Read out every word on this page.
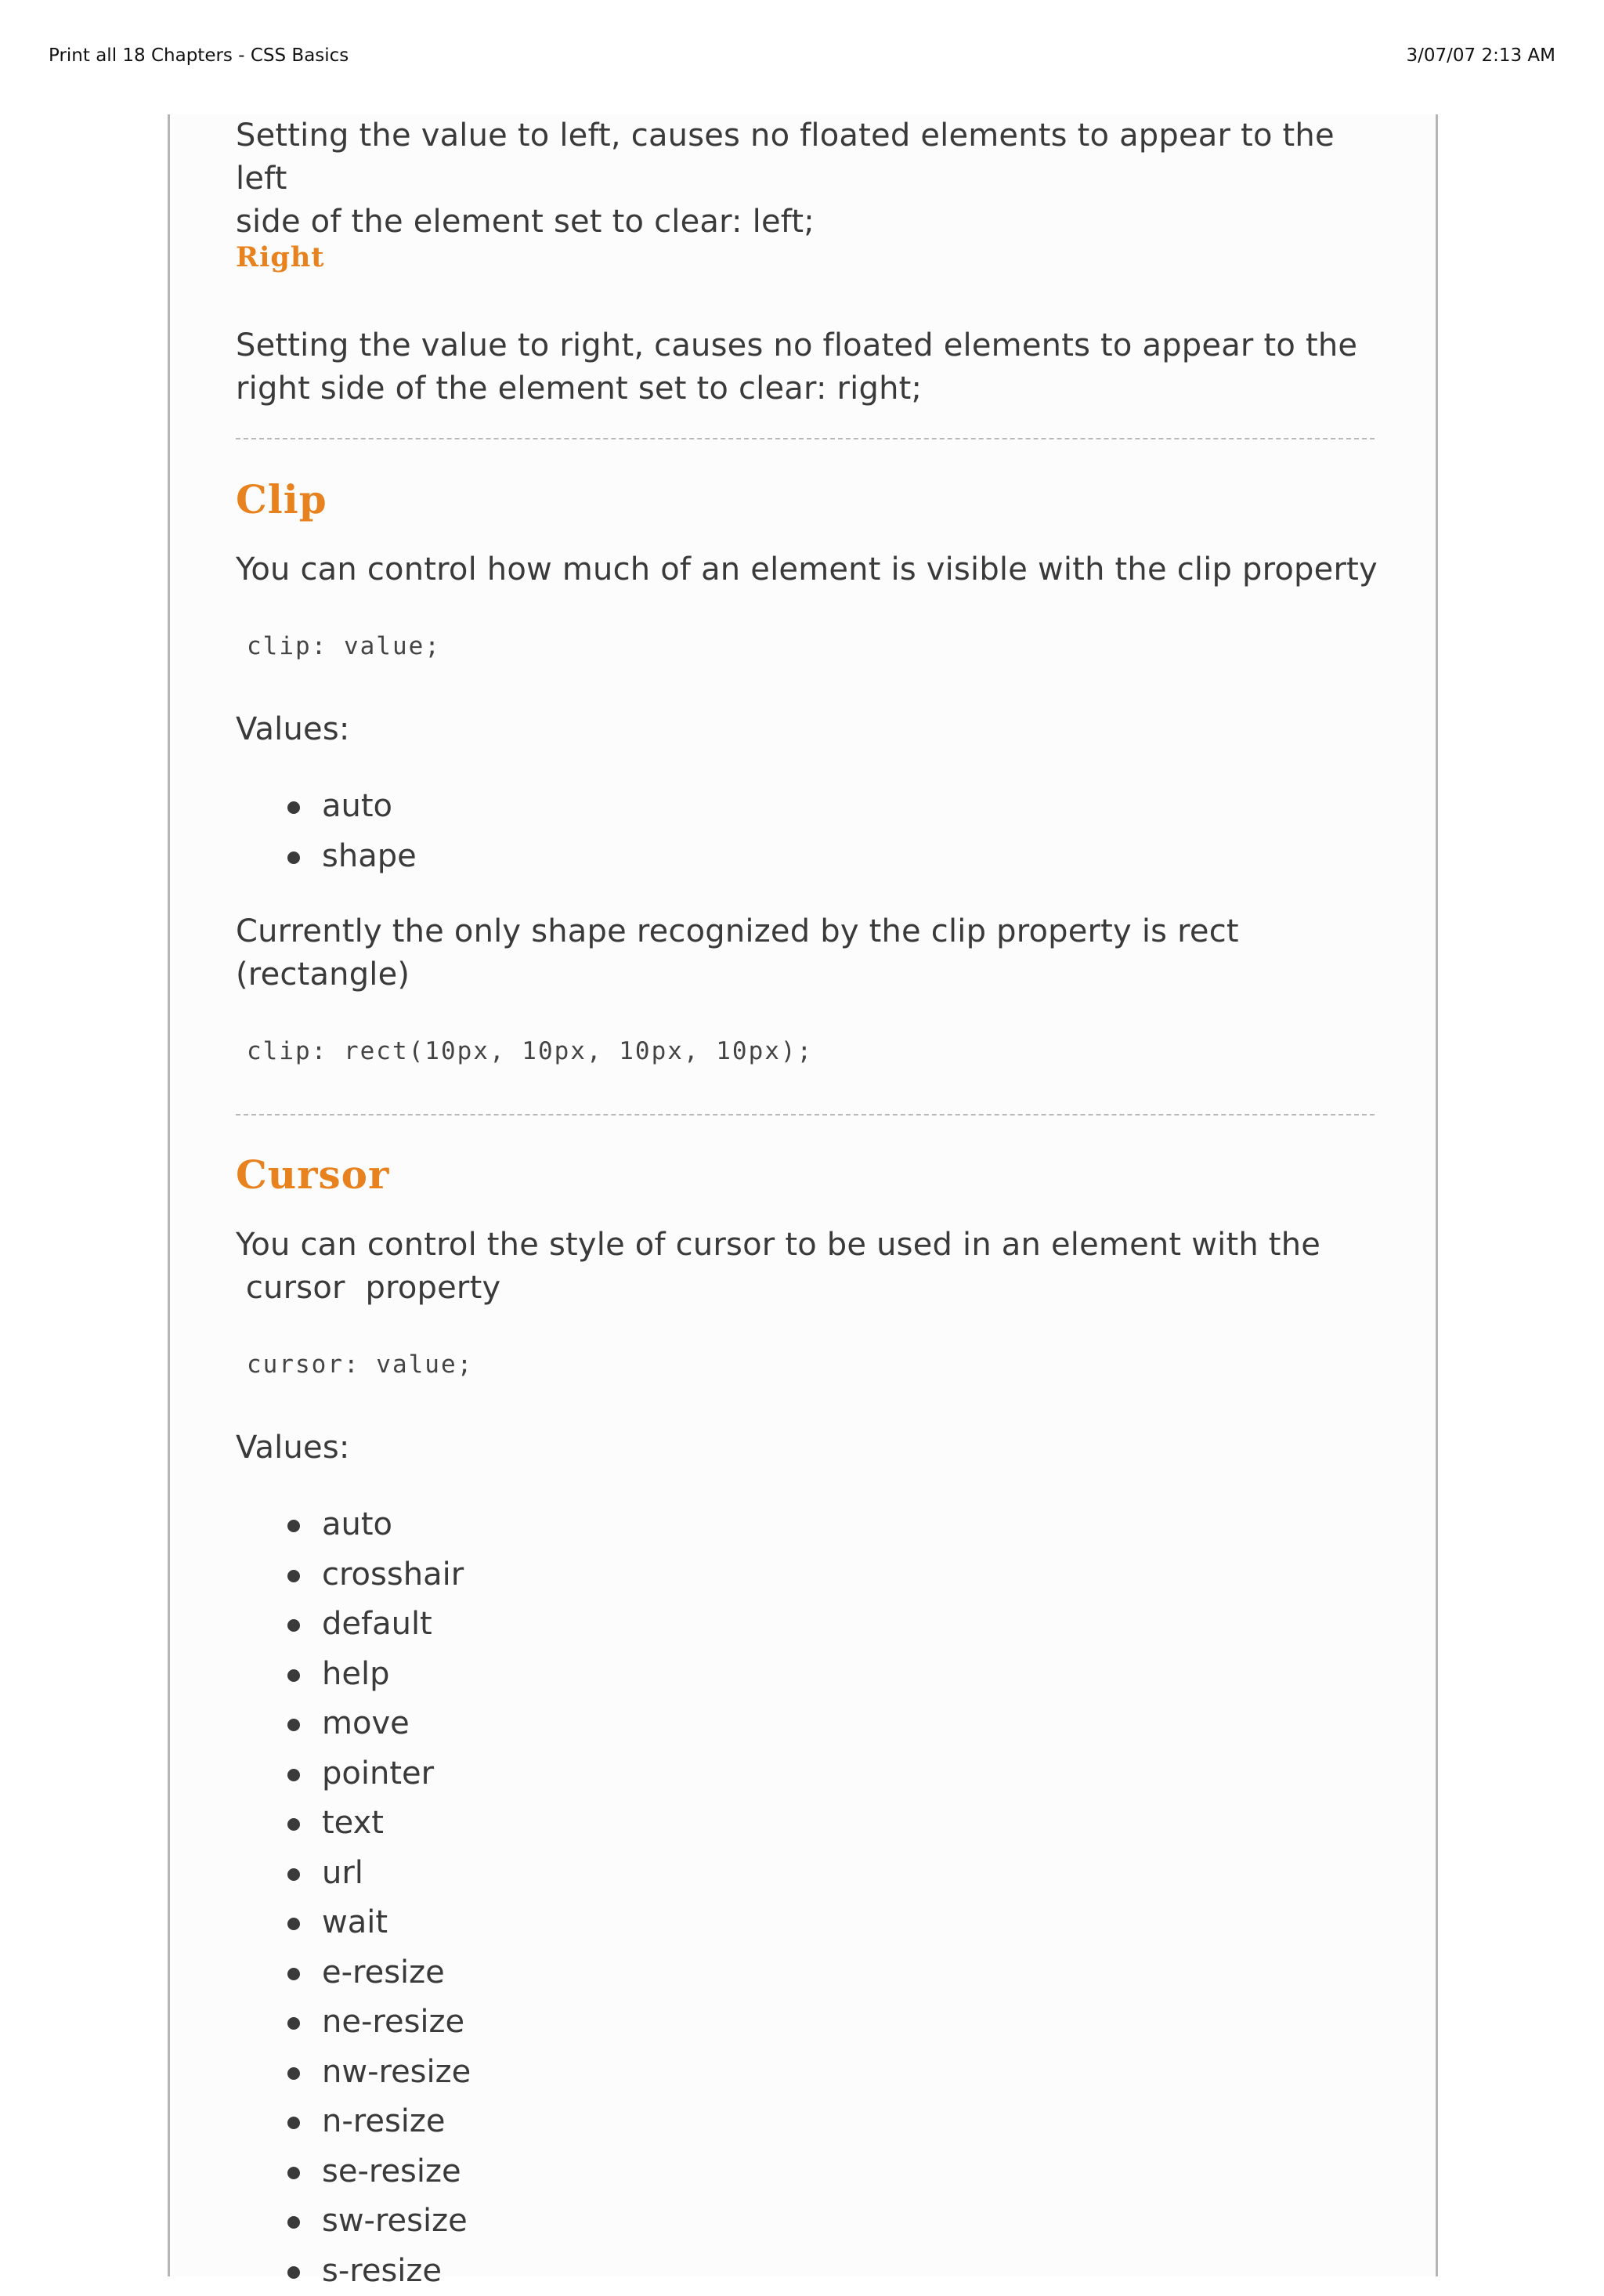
Print all 18 Chapters - CSS Basics	3/07/07 2:13 AM

Setting the value to left, causes no floated elements to appear to the left
side of the element set to clear: left;

Right

Setting the value to right, causes no floated elements to appear to the
right side of the element set to clear: right;

Clip

You can control how much of an element is visible with the clip property

clip: value;

Values:

auto
shape

Currently the only shape recognized by the clip property is rect
(rectangle)

clip: rect(10px, 10px, 10px, 10px);
Cursor

You can control the style of cursor to be used in an element with the
cursor  property

cursor: value;

Values:

auto
crosshair
default
help
move
pointer
text
url
wait
e-resize
ne-resize
nw-resize
n-resize
se-resize
sw-resize
s-resize
